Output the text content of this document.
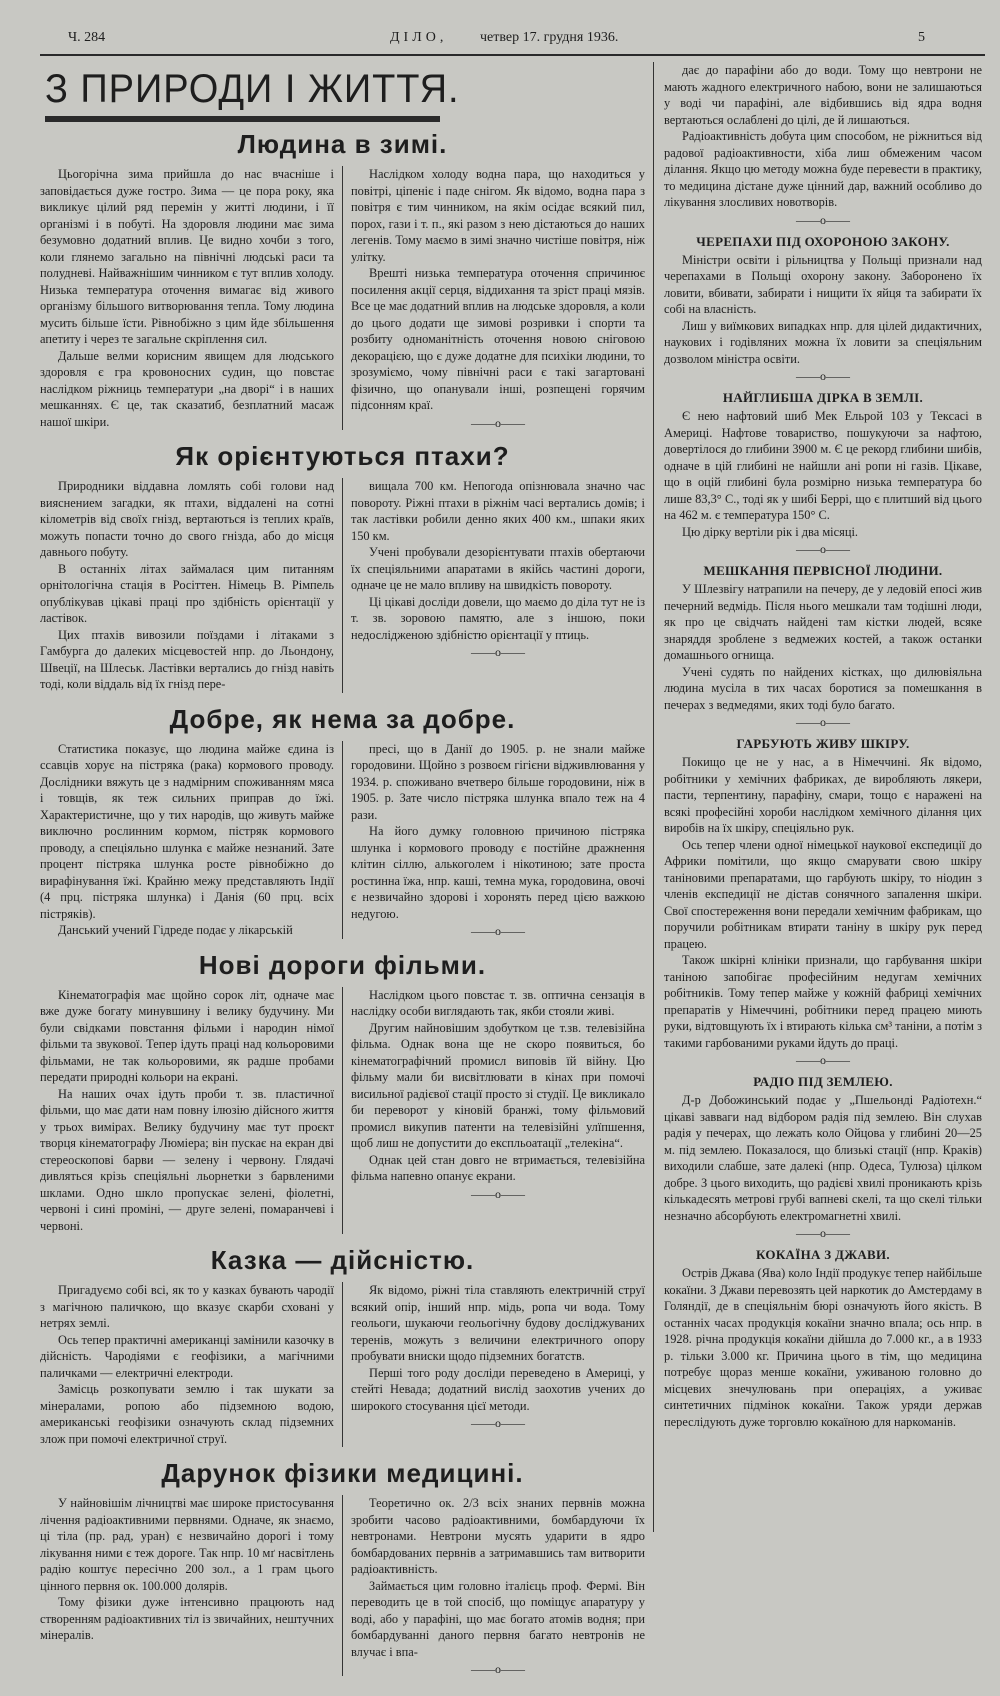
Ч. 284	ДІЛО, четвер 17. грудня 1936.	5
З ПРИРОДИ І ЖИТТЯ.
Людина в зимі.

Цьогорічна зима прийшла до нас вчасніше і заповідається дуже гостро. Зима — це пора року, яка викликує цілий ряд перемін у житті людини, і її організмі і в побуті. На здоровля людини має зима безумовно додатний вплив. Це видно хочби з того, коли глянемо загально на північні людські раси та полудневі. Найважнішим чинником є тут вплив холоду. Низька температура оточення вимагає від живого організму більшого витворювання тепла. Тому людина мусить більше їсти. Рівнобіжно з цим йде збільшення апетиту і через те загальне скріплення сил.

Дальше велми корисним явищем для людського здоровля є гра кровоносних судин, що повстає наслідком ріжниць температури „на дворі“ і в наших мешканнях. Є це, так сказатиб, безплатний масаж нашої шкіри.

Наслідком холоду водна пара, що находиться у повітрі, ціпеніє і паде снігом. Як відомо, водна пара з повітря є тим чинником, на якім осідає всякий пил, порох, гази і т. п., які разом з нею дістаються до наших легенів. Тому маємо в зимі значно чистіше повітря, ніж улітку.

Врешті низька температура оточення спричинює посилення акції серця, віддихання та зріст праці мязів. Все це має додатний вплив на людське здоровля, а коли до цього додати ще зимові розривки і спорти та розбиту одноманітність оточення новою сніговою декорацією, що є дуже додатне для психіки людини, то зрозуміємо, чому північні раси є такі загартовані фізично, що опанували інші, розпещені горячим підсонням краї.

——o——
Як орієнтуються птахи?

Природники віддавна ломлять собі голови над вияснением загадки, як птахи, віддалені на сотні кілометрів від своїх гнізд, вертаються із теплих країв, можуть попасти точно до свого гнізда, або до місця давнього побуту.

В останніх літах займалася цим питанням орнітологічна стація в Росіттен. Німець В. Рімпель опублікував цікаві праці про здібність орієнтації у ластівок.

Цих птахів вивозили поїздами і літаками з Гамбурга до далеких місцевостей нпр. до Льондону, Швеції, на Шлеськ. Ластівки вертались до гнізд навіть тоді, коли віддаль від їх гнізд пере-

вищала 700 км. Непогода опізнювала значно час повороту. Ріжні птахи в ріжнім часі вертались домів; і так ластівки робили денно яких 400 км., шпаки яких 150 км.

Учені пробували дезорієнтувати птахів обертаючи їх спеціяльними апаратами в якійсь частині дороги, одначе це не мало впливу на швидкість повороту.

Ці цікаві досліди довели, що маємо до діла тут не із т. зв. зоровою памятю, але з іншою, поки недослідженою здібністю орієнтації у птиць.

——o——
Добре, як нема за добре.

Статистика показує, що людина майже єдина із ссавців хорує на пістряка (рака) кормового проводу. Дослідники вяжуть це з надмірним споживанням мяса і товщів, як теж сильних приправ до їжі. Характеристичне, що у тих народів, що живуть майже виключно рослинним кормом, пістряк кормового проводу, а спеціяльно шлунка є майже незнаний. Зате процент пістряка шлунка росте рівнобіжно до вирафінування їжі. Крайню межу представляють Індії (4 прц. пістряка шлунка) і Данія (60 прц. всіх пістряків).

Данський учений Гідреде подає у лікарській

пресі, що в Данії до 1905. р. не знали майже городовини. Щойно з розвоєм гігієни відживлювання у 1934. р. споживано вчетверо більше городовини, ніж в 1905. р. Зате число пістряка шлунка впало теж на 4 рази.

На його думку головною причиною пістряка шлунка і кормового проводу є постійне дражнення клітин сіллю, алькоголем і нікотиною; зате проста ростинна їжа, нпр. каші, темна мука, городовина, овочі є незвичайно здорові і хоронять перед цією важкою недугою.

——o——
Нові дороги фільми.

Кінематографія має щойно сорок літ, одначе має вже дуже богату минувшину і велику будучину. Ми були свідками повстання фільми і народин німої фільми та звукової. Тепер ідуть праці над кольоровими фільмами, не так кольоровими, як радше пробами передати природні кольори на екрані.

На наших очах ідуть проби т. зв. пластичної фільми, що має дати нам повну ілюзію дійсного життя у трьох вимірах. Велику будучину має тут проєкт творця кінематографу Люміера; він пускає на екран дві стереоскопові барви — зелену і червону. Глядачі дивляться крізь спеціяльні льорнетки з барвленими шклами. Одно шкло пропускає зелені, фіолетні, червоні і сині проміні, — друге зелені, помаранчеві і червоні.

Наслідком цього повстає т. зв. оптична сензація в наслідку особи виглядають так, якби стояли живі.

Другим найновішим здобутком це т.зв. телевізійна фільма. Однак вона ще не скоро появиться, бо кінематографічний промисл виповів їй війну. Цю фільму мали би висвітлювати в кінах при помочі висильної радієвої стації просто зі студії. Це викликало би переворот у кіновій бранжі, тому фільмовий промисл викупив патенти на телевізійні улїпшення, щоб лиш не допустити до експльоатації „телекіна“.

Однак цей стан довго не втримається, телевізійна фільма напевно опанує екрани.

——o——
Казка — дійсністю.

Пригадуємо собі всі, як то у казках бувають чародії з магічною паличкою, що вказує скарби сховані у нетрях землі.

Ось тепер практичні американці замінили казочку в дійсність. Чародіями є геофізики, а магічними паличками — електричні електроди.

Замісць розкопувати землю і так шукати за мінералами, ропою або підземною водою, американські геофізики означують склад підземних злож при помочі електричної струї.

Як відомо, ріжні тіла ставляють електричній струї всякий опір, інший нпр. мідь, ропа чи вода. Тому геольоги, шукаючи геольогічну будову досліджуваних теренів, можуть з величини електричного опору пробувати вниски щодо підземних богатств.

Перші того роду досліди переведено в Америці, у стейті Невада; додатний вислід заохотив учених до широкого стосування цієї методи.

——o——
Дарунок фізики медицині.

У найновішім лічництві має широке пристосування лічення радіоактивними первнями. Одначе, як знаємо, ці тіла (пр. рад, уран) є незвичайно дорогі і тому лікування ними є теж дороге. Так нпр. 10 мґ насвітлень радію коштує пересічно 200 зол., а 1 грам цього цінного первня ок. 100.000 долярів.

Тому фізики дуже інтенсивно працюють над створенням радіоактивних тіл із звичайних, нештучних мінералів.

Теоретично ок. 2/3 всіх знаних первнів можна зробити часово радіоактивними, бомбардуючи їх невтронами. Невтрони мусять ударити в ядро бомбардованих первнів а затримавшись там витворити радіоактивність.

Займається цим головно італієць проф. Фермі. Він переводить це в той спосіб, що поміщує апаратуру у воді, або у парафіні, що має богато атомів водня; при бомбардуванні даного первня багато невтронів не влучає і впа-

——o——

дає до парафіни або до води. Тому що невтрони не мають жадного електричного набою, вони не залишаються у воді чи парафіні, але відбившись від ядра водня вертаються ослаблені до цілі, де й лишаються.

Радіоактивність добута цим способом, не ріжниться від радової радіоактивности, хіба лиш обмеженим часом ділання. Якщо цю методу можна буде перевести в практику, то медицина дістане дуже цінний дар, важний особливо до лікування злосливих новотворів.

——o——
ЧЕРЕПАХИ ПІД ОХОРОНОЮ ЗАКОНУ.

Міністри освіти і рільництва у Польщі признали над черепахами в Польщі охорону закону. Заборонено їх ловити, вбивати, забирати і нищити їх яйця та забирати їх собі на власність.

Лиш у виїмкових випадках нпр. для цілей дидактичних, наукових і годівляних можна їх ловити за спеціяльним дозволом міністра освіти.

——o——
НАЙГЛИБША ДІРКА В ЗЕМЛІ.

Є нею нафтовий шиб Мек Ельрой 103 у Тексасі в Америці. Нафтове товариство, пошукуючи за нафтою, довертілося до глибини 3900 м. Є це рекорд глибини шибів, одначе в цій глибині не найшли ані ропи ні газів. Цікаве, що в оцій глибині була розмірно низька температура бо лише 83,3° С., тоді як у шибі Беррі, що є плитший від цього на 462 м. є температура 150° С.

Цю дірку вертіли рік і два місяці.

——o——
МЕШКАННЯ ПЕРВІСНОЇ ЛЮДИНИ.

У Шлезвігу натрапили на печеру, де у ледовій епосі жив печерний ведмідь. Після нього мешкали там тодішні люди, як про це свідчать найдені там кістки людей, всяке знаряддя зроблене з ведмежих костей, а також останки домашнього огнища.

Учені судять по найдених кістках, що дилювіяльна людина мусіла в тих часах боротися за помешкання в печерах з ведмедями, яких тоді було багато.

——o——
ГАРБУЮТЬ ЖИВУ ШКІРУ.

Покищо це не у нас, а в Німеччині. Як відомо, робітники у хемічних фабриках, де виробляють лякери, пасти, терпентину, парафіну, смари, тощо є наражені на всякі професійні хороби наслідком хемічного ділання цих виробів на їх шкіру, спеціяльно рук.

Ось тепер члени одної німецької наукової експедиції до Африки помітили, що якщо смарувати свою шкіру таніновими препаратами, що гарбують шкіру, то ніодин з членів експедиції не дістав сонячного запалення шкіри. Свої спостереження вони передали хемічним фабрикам, що поручили робітникам втирати таніну в шкіру рук перед працею.

Також шкірні клініки признали, що гарбування шкіри таніною запобігає професійним недугам хемічних робітників. Тому тепер майже у кожній фабриці хемічних препаратів у Німеччині, робітники перед працею миють руки, відтовщують їх і втирають кілька см³ таніни, а потім з такими гарбованими руками йдуть до праці.

——o——
РАДІО ПІД ЗЕМЛЕЮ.

Д-р Добожинський подає у „Пшельонді Радіотехн.“ цікаві завваги над відбором радія під землею. Він слухав радія у печерах, що лежать коло Ойцова у глибині 20—25 м. під землею. Показалося, що близькі стації (нпр. Краків) виходили слабше, зате далекі (нпр. Одеса, Тулюза) цілком добре. З цього виходить, що радієві хвилі проникають крізь кількадесять метрові грубі вапневі скелі, та що скелі тільки незначно абсорбують електромагнетні хвилі.

——o——
КОКАЇНА З ДЖАВИ.

Острів Джава (Ява) коло Індії продукує тепер найбільше кокаїни. З Джави перевозять цей наркотик до Амстердаму в Голяндії, де в спеціяльнім бюрі означують його якість. В останніх часах продукція кокаїни значно впала; ось нпр. в 1928. річна продукція кокаїни дійшла до 7.000 кг., а в 1933 р. тільки 3.000 кг. Причина цього в тім, що медицина потребує щораз менше кокаїни, уживаною головно до місцевих знечулювань при операціях, а уживає синтетичних підмінок кокаїни. Також уряди держав переслідують дуже торговлю кокаїною для наркоманів.
